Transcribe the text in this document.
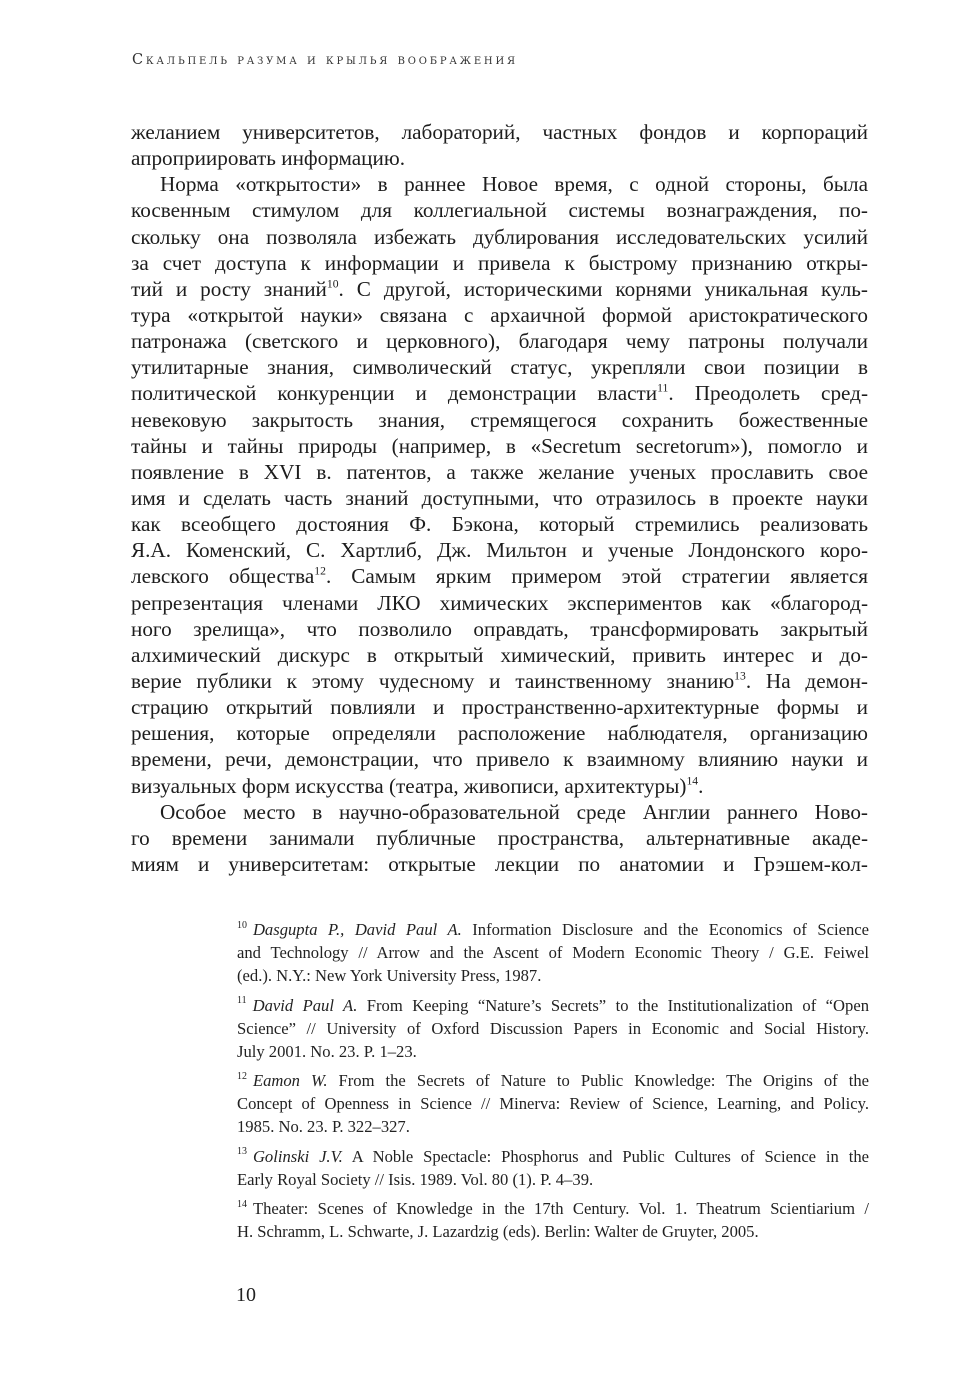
Скальпель разума и крылья воображения
желанием университетов, лабораторий, частных фондов и корпораций
апроприировать информацию.
Норма «открытости» в раннее Новое время, с одной стороны, была
косвенным стимулом для коллегиальной системы вознаграждения, по-
скольку она позволяла избежать дублирования исследовательских усилий
за счет доступа к информации и привела к быстрому признанию откры-
тий и росту знаний$^{10}$. С другой, историческими корнями уникальная куль-
тура «открытой науки» связана с архаичной формой аристократического
патронажа (светского и церковного), благодаря чему патроны получали
утилитарные знания, символический статус, укрепляли свои позиции в
политической конкуренции и демонстрации власти$^{11}$. Преодолеть сред-
невековую закрытость знания, стремящегося сохранить божественные
тайны и тайны природы (например, в «Secretum secretorum»), помогло и
появление в XVI в. патентов, а также желание ученых прославить свое
имя и сделать часть знаний доступными, что отразилось в проекте науки
как всеобщего достояния Ф. Бэкона, который стремились реализовать
Я.А. Коменский, С. Хартлиб, Дж. Мильтон и ученые Лондонского коро-
левского общества$^{12}$. Самым ярким примером этой стратегии является
репрезентация членами ЛКО химических экспериментов как «благород-
ного зрелища», что позволило оправдать, трансформировать закрытый
алхимический дискурс в открытый химический, привить интерес и до-
верие публики к этому чудесному и таинственному знанию$^{13}$. На демон-
страцию открытий повлияли и пространственно-архитектурные формы и
решения, которые определяли расположение наблюдателя, организацию
времени, речи, демонстрации, что привело к взаимному влиянию науки и
визуальных форм искусства (театра, живописи, архитектуры)$^{14}$.
Особое место в научно-образовательной среде Англии раннего Ново-
го времени занимали публичные пространства, альтернативные акаде-
миям и университетам: открытые лекции по анатомии и Грэшем-кол-
$^{10}$ Dasgupta P., David Paul A. Information Disclosure and the Economics of Science
and Technology // Arrow and the Ascent of Modern Economic Theory / G.E. Feiwel
(ed.). N.Y.: New York University Press, 1987.
$^{11}$ David Paul A. From Keeping “Nature’s Secrets” to the Institutionalization of “Open
Science” // University of Oxford Discussion Papers in Economic and Social History.
July 2001. No. 23. P. 1–23.
$^{12}$ Eamon W. From the Secrets of Nature to Public Knowledge: The Origins of the
Concept of Openness in Science // Minerva: Review of Science, Learning, and Policy.
1985. No. 23. P. 322–327.
$^{13}$ Golinski J.V. A Noble Spectacle: Phosphorus and Public Cultures of Science in the
Early Royal Society // Isis. 1989. Vol. 80 (1). P. 4–39.
$^{14}$ Theater: Scenes of Knowledge in the 17th Century. Vol. 1. Theatrum Scientiarium /
H. Schramm, L. Schwarte, J. Lazardzig (eds). Berlin: Walter de Gruyter, 2005.
10
